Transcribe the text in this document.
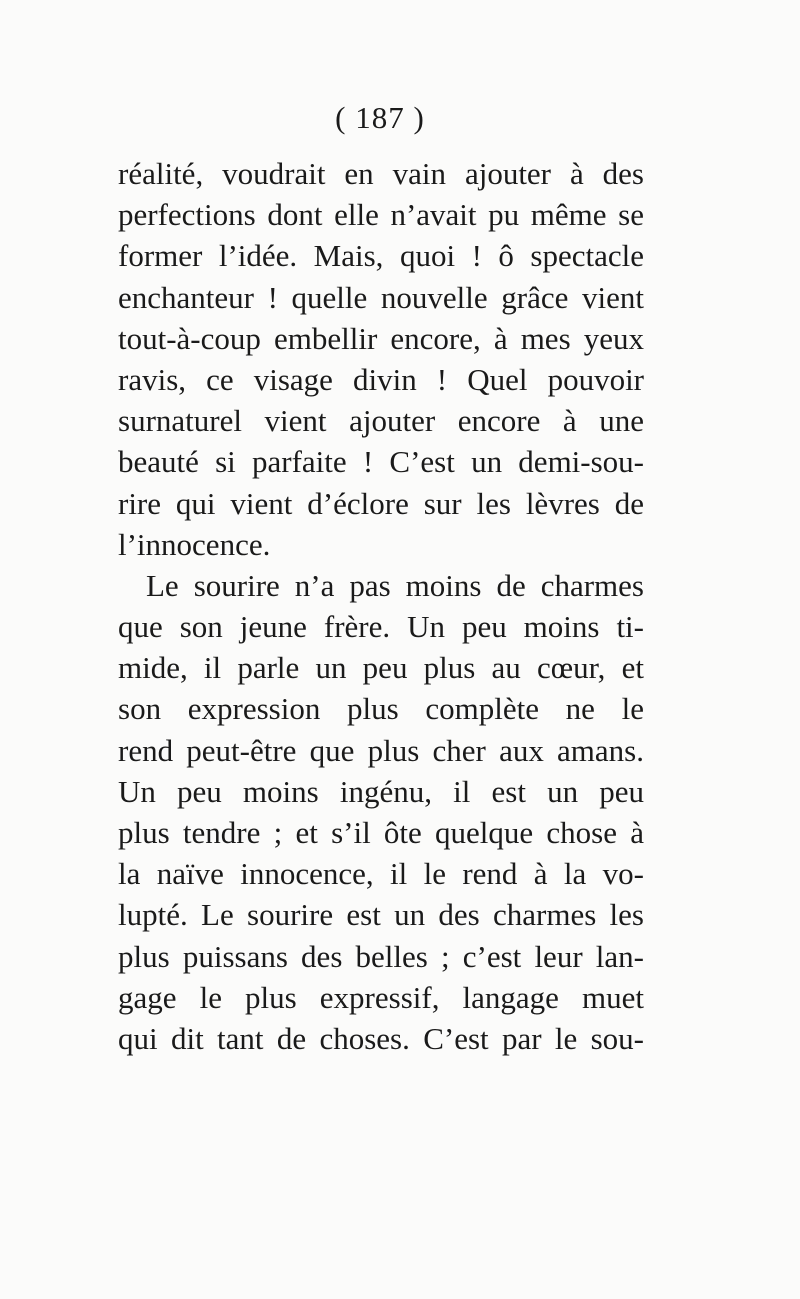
( 187 )
réalité, voudrait en vain ajouter à des
perfections dont elle n’avait pu même se
former l’idée. Mais, quoi ! ô spectacle
enchanteur ! quelle nouvelle grâce vient
tout-à-coup embellir encore, à mes yeux
ravis, ce visage divin ! Quel pouvoir
surnaturel vient ajouter encore à une
beauté si parfaite ! C’est un demi-sou-
rire qui vient d’éclore sur les lèvres de
l’innocence.
Le sourire n’a pas moins de charmes
que son jeune frère. Un peu moins ti-
mide, il parle un peu plus au cœur, et
son expression plus complète ne le
rend peut-être que plus cher aux amans.
Un peu moins ingénu, il est un peu
plus tendre ; et s’il ôte quelque chose à
la naïve innocence, il le rend à la vo-
lupté. Le sourire est un des charmes les
plus puissans des belles ; c’est leur lan-
gage le plus expressif, langage muet
qui dit tant de choses. C’est par le sou-
